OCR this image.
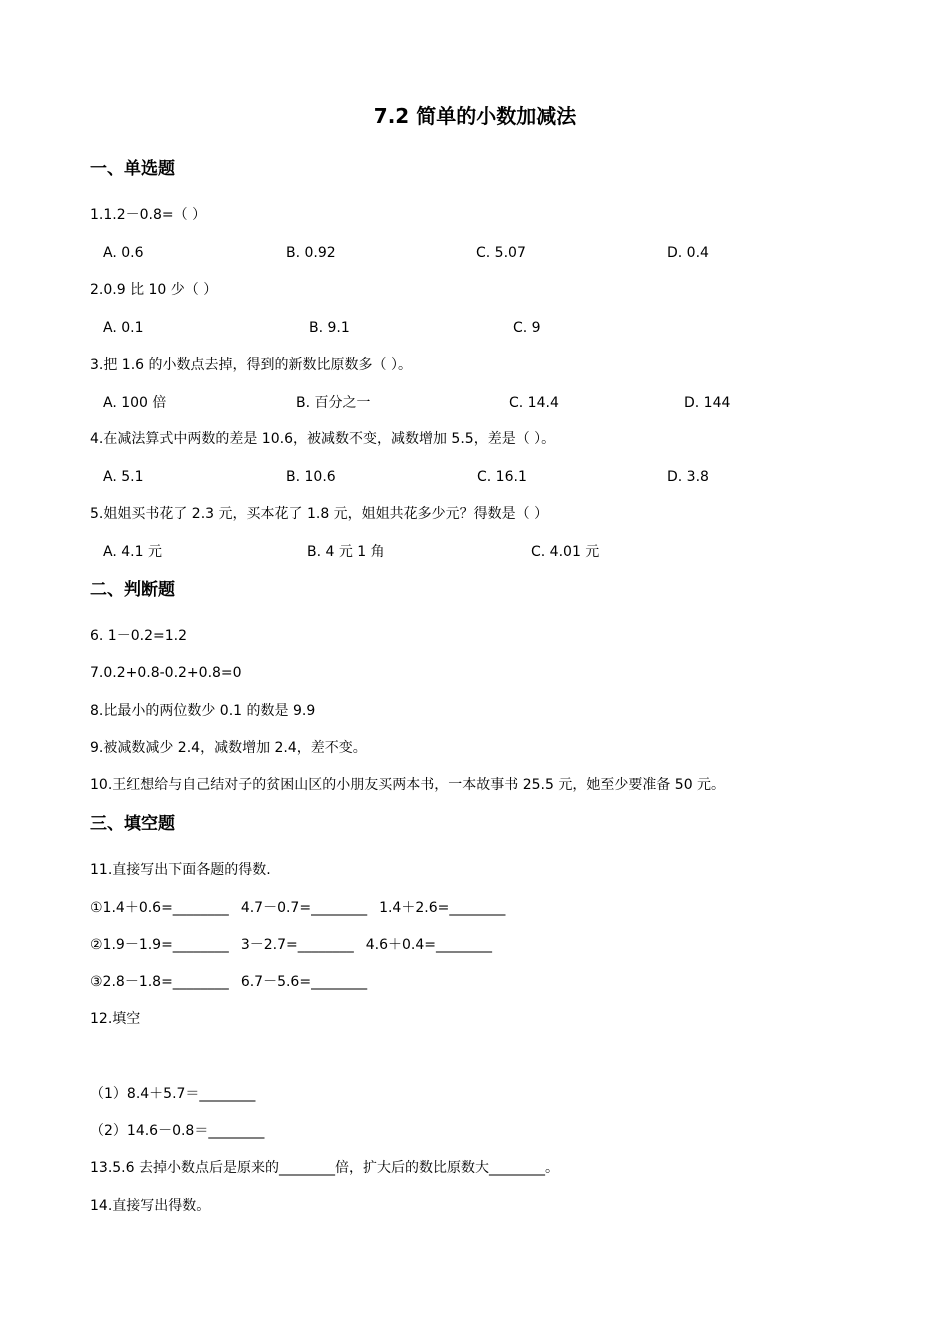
7.2 简单的小数加减法
一、单选题
1.1.2－0.8=（ ）
A. 0.6	B. 0.92	C. 5.07	D. 0.4
2.0.9 比 10 少（ ）
A. 0.1	B. 9.1	C. 9
3.把 1.6 的小数点去掉，得到的新数比原数多（ ）。
A. 100 倍	B. 百分之一	C. 14.4	D. 144
4.在减法算式中两数的差是 10.6，被减数不变，减数增加 5.5，差是（ ）。
A. 5.1	B. 10.6	C. 16.1	D. 3.8
5.姐姐买书花了 2.3 元，买本花了 1.8 元，姐姐共花多少元？得数是（ ）
A. 4.1 元	B. 4 元 1 角	C. 4.01 元
二、判断题
6. 1－0.2=1.2
7.0.2+0.8-0.2+0.8=0
8.比最小的两位数少 0.1 的数是 9.9
9.被减数减少 2.4，减数增加 2.4，差不变。
10.王红想给与自己结对子的贫困山区的小朋友买两本书，一本故事书 25.5 元，她至少要准备 50 元。
三、填空题
11.直接写出下面各题的得数.
①1.4＋0.6=________ 4.7－0.7=________ 1.4＋2.6=________
②1.9－1.9=________ 3－2.7=________ 4.6＋0.4=________
③2.8－1.8=________ 6.7－5.6=________
12.填空
（1）8.4＋5.7＝________
（2）14.6－0.8＝________
13.5.6 去掉小数点后是原来的________倍，扩大后的数比原数大________。
14.直接写出得数。
